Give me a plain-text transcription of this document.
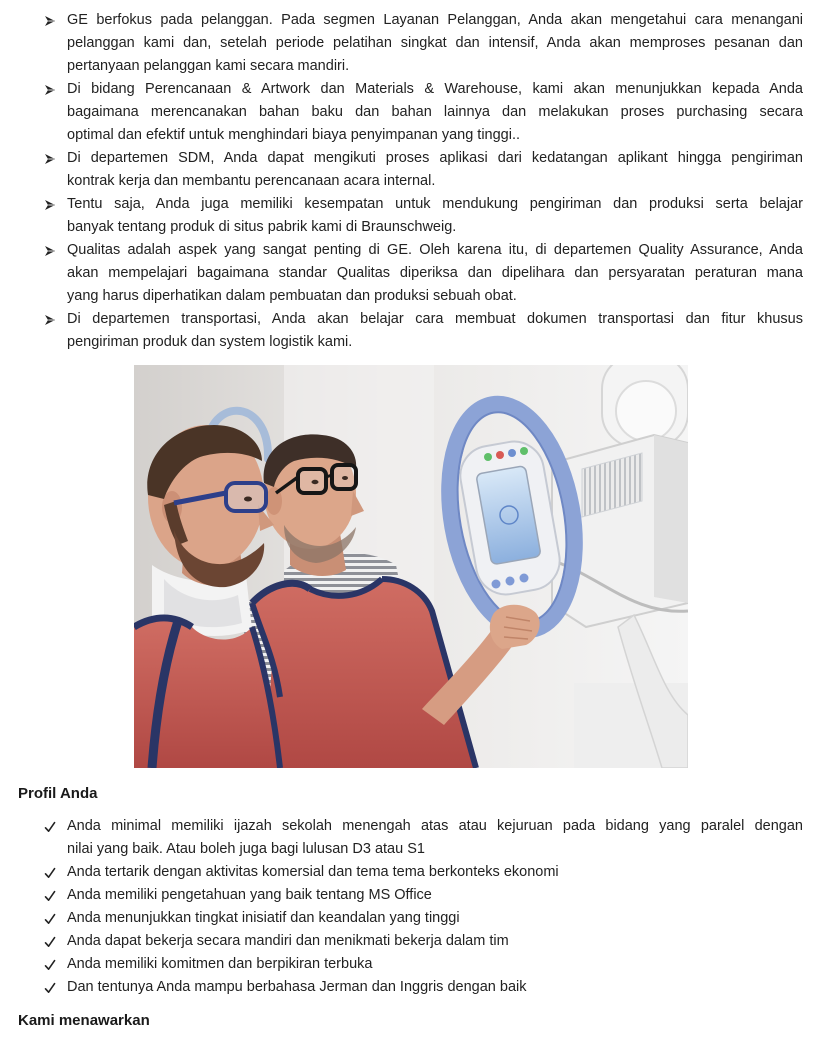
GE berfokus pada pelanggan. Pada segmen Layanan Pelanggan, Anda akan mengetahui cara menangani
pelanggan kami dan, setelah periode pelatihan singkat dan intensif, Anda akan memproses pesanan dan
pertanyaan pelanggan kami secara mandiri.
Di bidang Perencanaan & Artwork dan Materials & Warehouse, kami akan menunjukkan kepada Anda
bagaimana merencanakan bahan baku dan bahan lainnya dan melakukan proses purchasing secara
optimal dan efektif untuk menghindari biaya penyimpanan yang tinggi..
Di departemen SDM, Anda dapat mengikuti proses aplikasi dari kedatangan aplikant hingga pengiriman
kontrak kerja dan membantu perencanaan acara internal.
Tentu saja, Anda juga memiliki kesempatan untuk mendukung pengiriman dan produksi serta belajar
banyak tentang produk di situs pabrik kami di Braunschweig.
Qualitas adalah aspek yang sangat penting di GE. Oleh karena itu, di departemen Quality Assurance, Anda
akan mempelajari bagaimana standar Qualitas diperiksa dan dipelihara dan persyaratan peraturan mana
yang harus diperhatikan dalam pembuatan dan produksi sebuah obat.
Di departemen transportasi, Anda akan belajar cara membuat dokumen transportasi dan fitur khusus
pengiriman produk dan system logistik kami.
Profil Anda
Anda minimal memiliki ijazah sekolah menengah atas atau kejuruan pada bidang yang paralel dengan
nilai yang baik. Atau boleh juga bagi lulusan D3 atau S1
Anda tertarik dengan aktivitas komersial dan tema tema berkonteks ekonomi
Anda memiliki pengetahuan yang baik tentang MS Office
Anda menunjukkan tingkat inisiatif dan keandalan yang tinggi
Anda dapat bekerja secara mandiri dan menikmati bekerja dalam tim
Anda memiliki komitmen dan berpikiran terbuka
Dan tentunya Anda mampu berbahasa Jerman dan Inggris dengan baik
Kami menawarkan
